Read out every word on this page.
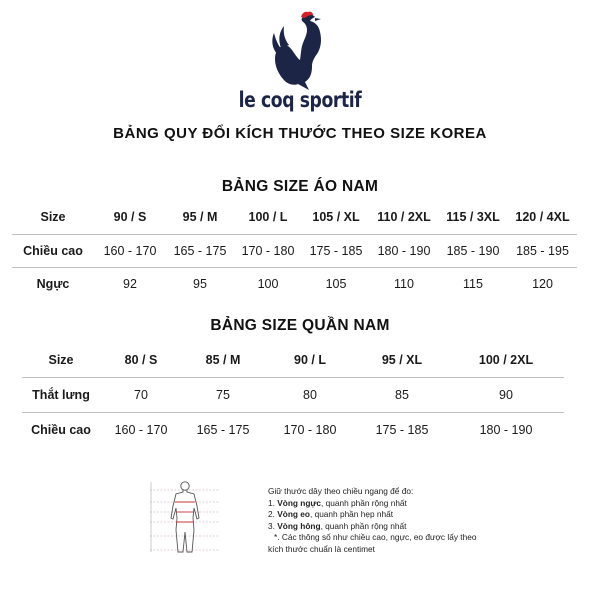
le coq sportif
BẢNG QUY ĐỔI KÍCH THƯỚC THEO SIZE KOREA
BẢNG SIZE ÁO NAM
Size	90 / S	95 / M	100 / L	105 / XL	110 / 2XL	115 / 3XL	120 / 4XL
Chiều cao	160 - 170	165 - 175	170 - 180	175 - 185	180 - 190	185 - 190	185 - 195
Ngực	92	95	100	105	110	115	120
BẢNG SIZE QUẦN NAM
Size	80 / S	85 / M	90 / L	95 / XL	100 / 2XL
Thắt lưng	70	75	80	85	90
Chiều cao	160 - 170	165 - 175	170 - 180	175 - 185	180 - 190
Giữ thước dây theo chiều ngang để đo:
1. Vòng ngực, quanh phần rộng nhất
2. Vòng eo, quanh phần hẹp nhất
3. Vòng hông, quanh phần rộng nhất
*. Các thông số như chiều cao, ngực, eo được lấy theo
kích thước chuẩn là centimet
